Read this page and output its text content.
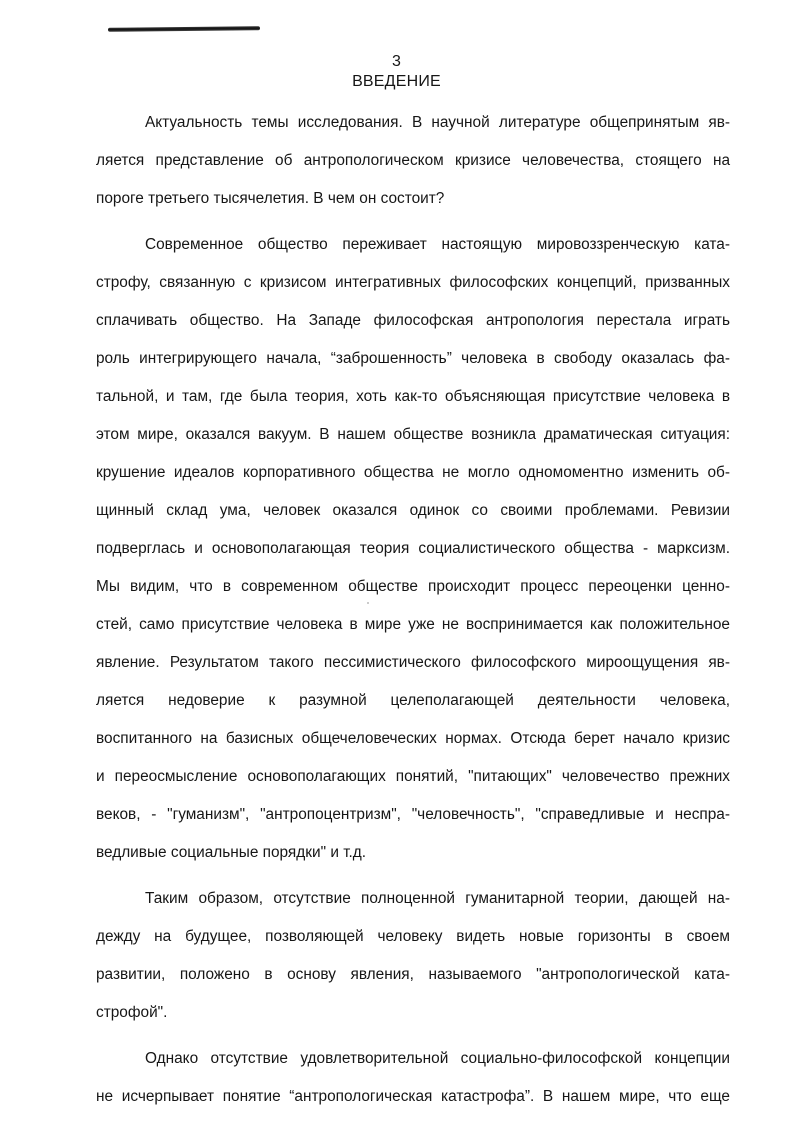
3
ВВЕДЕНИЕ
Актуальность темы исследования. В научной литературе общепринятым яв-
ляется представление об антропологическом кризисе человечества, стоящего на
пороге третьего тысячелетия. В чем он состоит?
Современное общество переживает настоящую мировоззренческую ката-
строфу, связанную с кризисом интегративных философских концепций, призванных
сплачивать общество. На Западе философская антропология перестала играть
роль интегрирующего начала, “заброшенность” человека в свободу оказалась фа-
тальной, и там, где была теория, хоть как-то объясняющая присутствие человека в
этом мире, оказался вакуум. В нашем обществе возникла драматическая ситуация:
крушение идеалов корпоративного общества не могло одномоментно изменить об-
щинный склад ума, человек оказался одинок со своими проблемами. Ревизии
подверглась и основополагающая теория социалистического общества - марксизм.
Мы видим, что в современном обществе происходит процесс переоценки ценно-
стей, само присутствие человека в мире уже не воспринимается как положительное
явление. Результатом такого пессимистического философского мироощущения яв-
ляется недоверие к разумной целеполагающей деятельности человека,
воспитанного на базисных общечеловеческих нормах. Отсюда берет начало кризис
и переосмысление основополагающих понятий, "питающих" человечество прежних
веков, - "гуманизм", "антропоцентризм", "человечность", "справедливые и неспра-
ведливые социальные порядки" и т.д.
Таким образом, отсутствие полноценной гуманитарной теории, дающей на-
дежду на будущее, позволяющей человеку видеть новые горизонты в своем
развитии, положено в основу явления, называемого "антропологической ката-
строфой".
Однако отсутствие удовлетворительной социально-философской концепции
не исчерпывает понятие “антропологическая катастрофа”. В нашем мире, что еще
